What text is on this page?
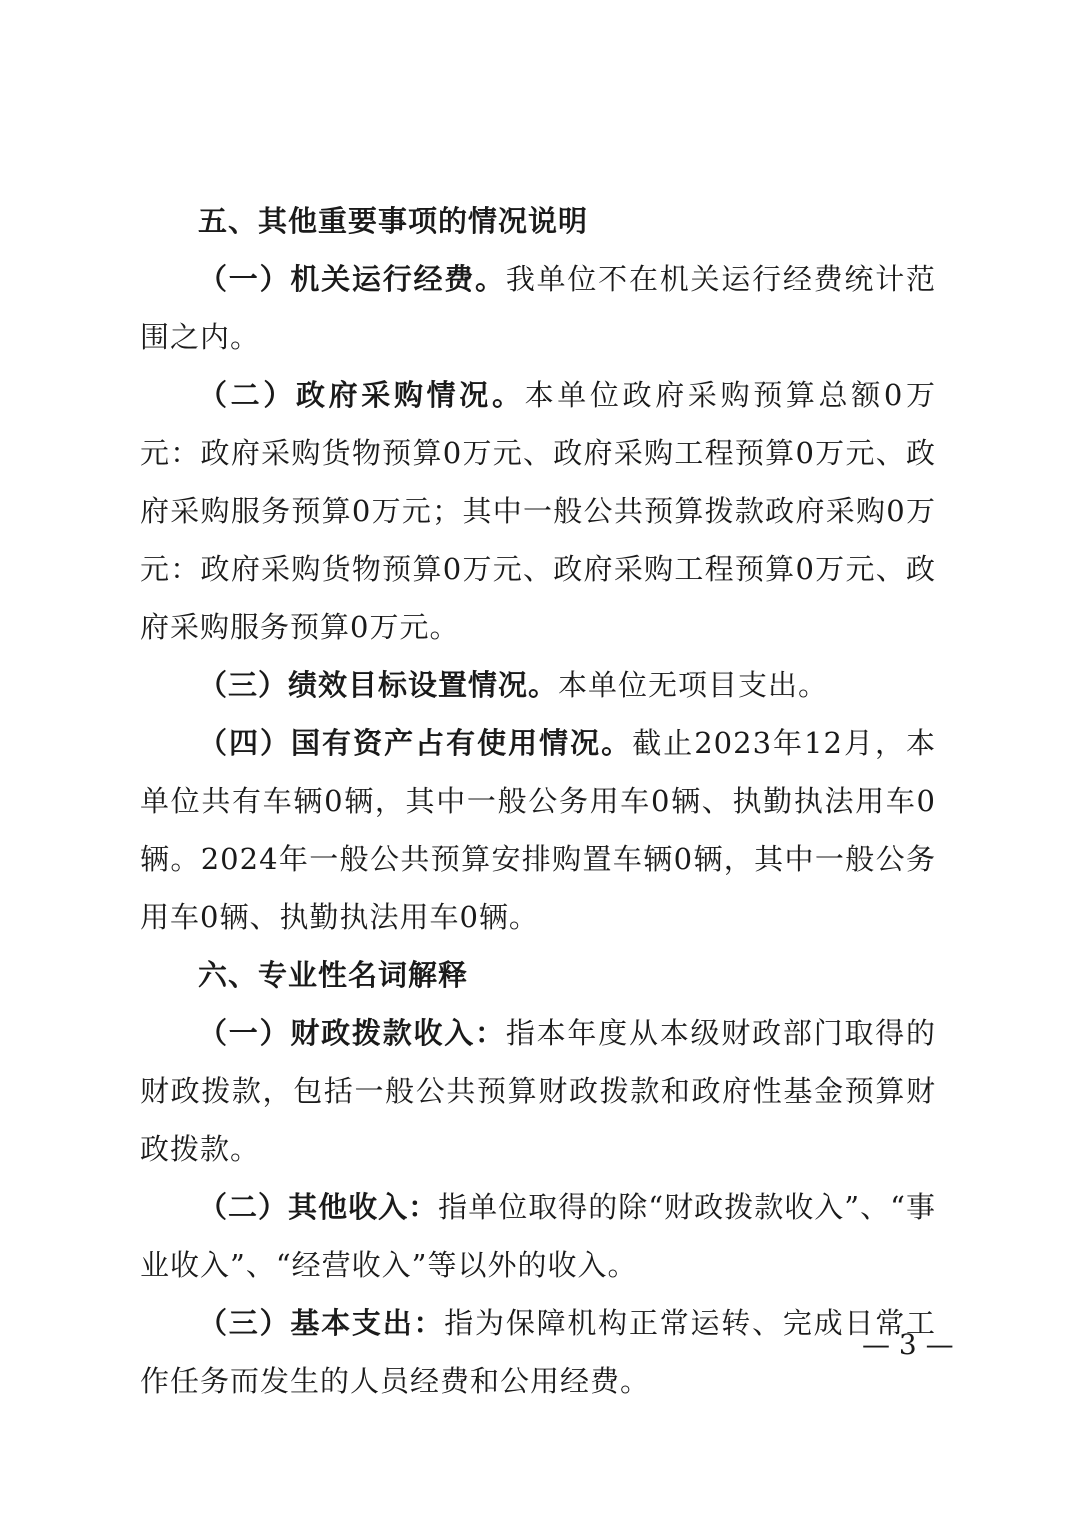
五、其他重要事项的情况说明

（一）机关运行经费。我单位不在机关运行经费统计范围之内。

（二）政府采购情况。本单位政府采购预算总额0万元：政府采购货物预算0万元、政府采购工程预算0万元、政府采购服务预算0万元；其中一般公共预算拨款政府采购0万元：政府采购货物预算0万元、政府采购工程预算0万元、政府采购服务预算0万元。

（三）绩效目标设置情况。本单位无项目支出。

（四）国有资产占有使用情况。截止2023年12月，本单位共有车辆0辆，其中一般公务用车0辆、执勤执法用车0辆。2024年一般公共预算安排购置车辆0辆，其中一般公务用车0辆、执勤执法用车0辆。

六、专业性名词解释

（一）财政拨款收入：指本年度从本级财政部门取得的财政拨款，包括一般公共预算财政拨款和政府性基金预算财政拨款。

（二）其他收入：指单位取得的除“财政拨款收入”、“事业收入”、“经营收入”等以外的收入。

（三）基本支出：指为保障机构正常运转、完成日常工作任务而发生的人员经费和公用经费。

— 3 —
